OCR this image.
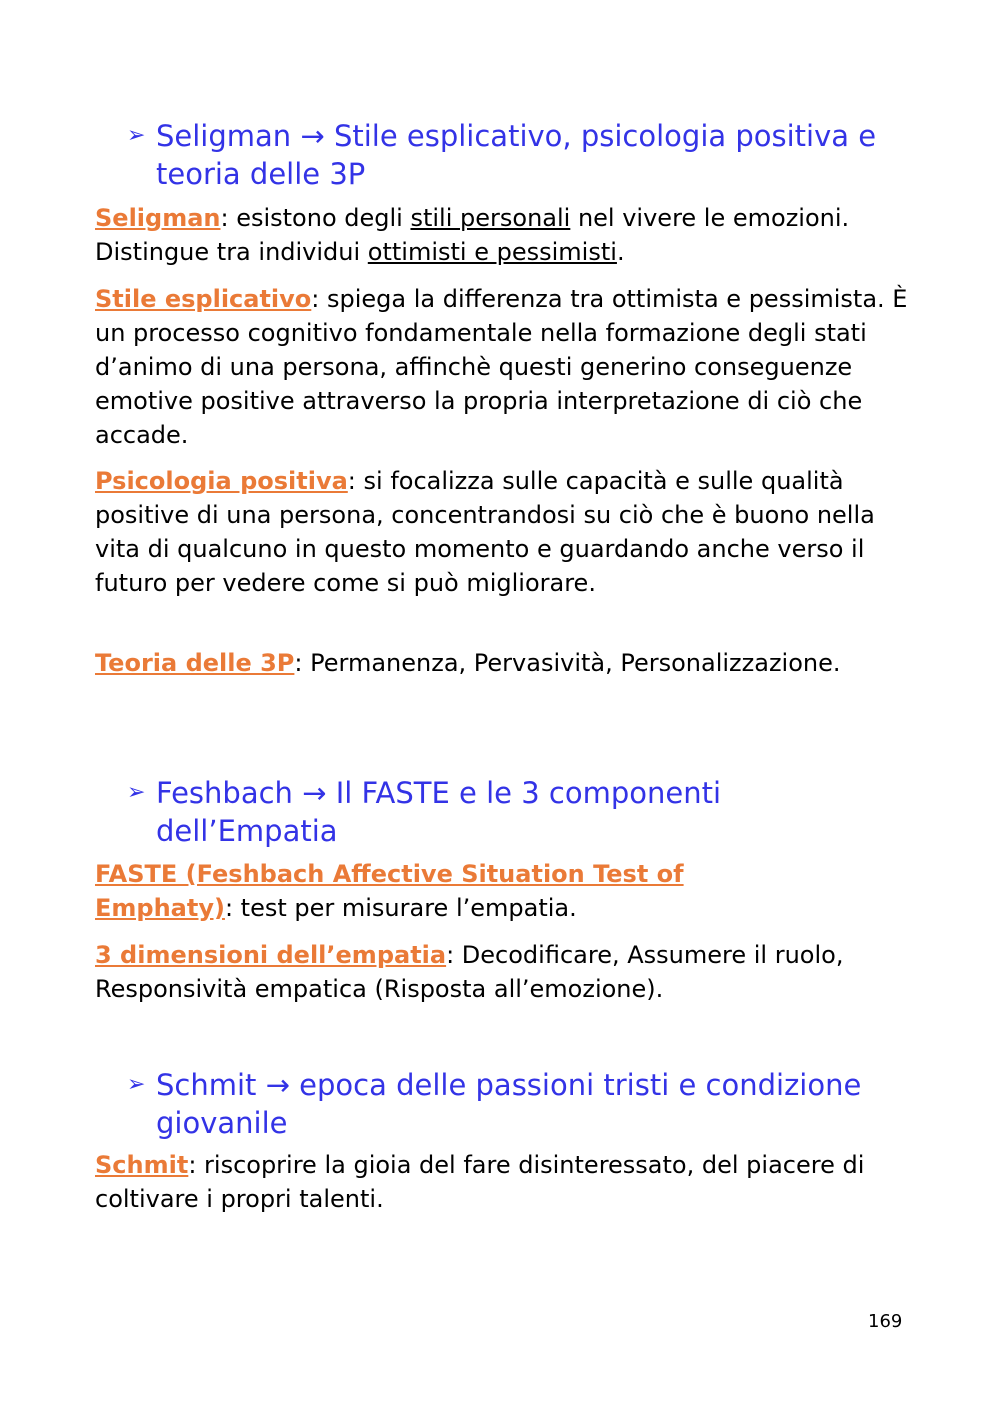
➢ Seligman → Stile esplicativo, psicologia positiva e teoria delle 3P
Seligman: esistono degli stili personali nel vivere le emozioni. Distingue tra individui ottimisti e pessimisti.
Stile esplicativo: spiega la differenza tra ottimista e pessimista. È un processo cognitivo fondamentale nella formazione degli stati d’animo di una persona, affinchè questi generino conseguenze emotive positive attraverso la propria interpretazione di ciò che accade.
Psicologia positiva: si focalizza sulle capacità e sulle qualità positive di una persona, concentrandosi su ciò che è buono nella vita di qualcuno in questo momento e guardando anche verso il futuro per vedere come si può migliorare.
Teoria delle 3P: Permanenza, Pervasività, Personalizzazione.
➢ Feshbach → Il FASTE e le 3 componenti dell’Empatia
FASTE (Feshbach Affective Situation Test of Emphaty): test per misurare l’empatia.
3 dimensioni dell’empatia: Decodificare, Assumere il ruolo, Responsività empatica (Risposta all’emozione).
➢ Schmit → epoca delle passioni tristi e condizione giovanile
Schmit: riscoprire la gioia del fare disinteressato, del piacere di coltivare i propri talenti.
169
